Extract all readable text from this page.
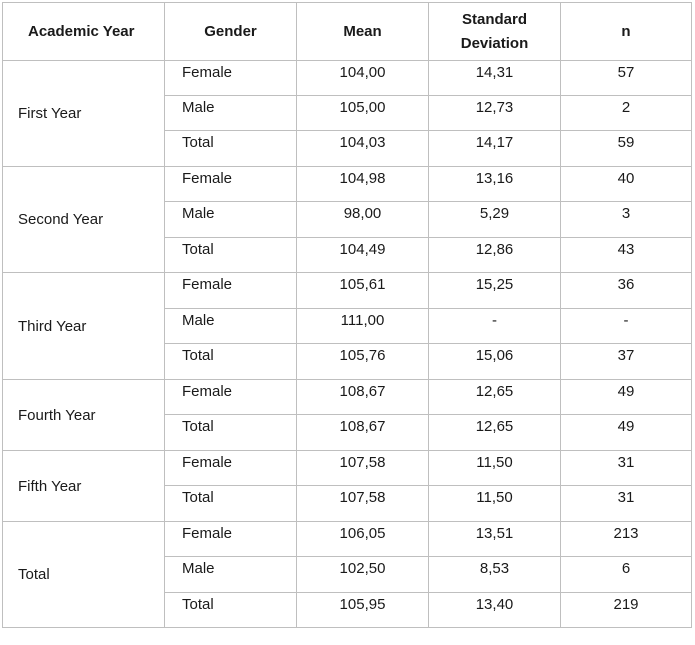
Academic Year	Gender	Mean	Standard Deviation	n
First Year	Female	104,00	14,31	57
	Male	105,00	12,73	2
	Total	104,03	14,17	59
Second Year	Female	104,98	13,16	40
	Male	98,00	5,29	3
	Total	104,49	12,86	43
Third Year	Female	105,61	15,25	36
	Male	111,00	-	-
	Total	105,76	15,06	37
Fourth Year	Female	108,67	12,65	49
	Total	108,67	12,65	49
Fifth Year	Female	107,58	11,50	31
	Total	107,58	11,50	31
Total	Female	106,05	13,51	213
	Male	102,50	8,53	6
	Total	105,95	13,40	219
